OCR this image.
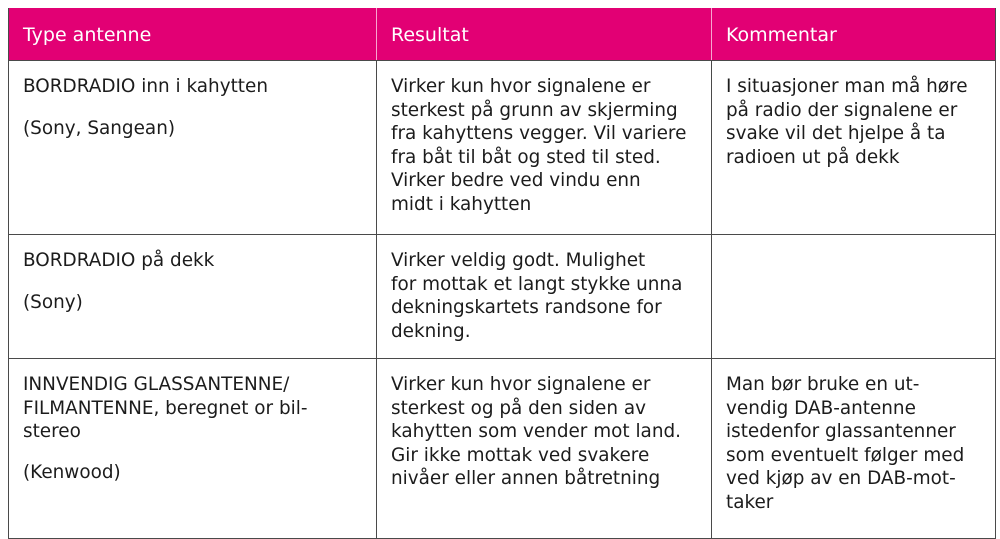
Type antenne	Resultat	Kommentar
BORDRADIO inn i kahytten
(Sony, Sangean)
Virker kun hvor signalene er
sterkest på grunn av skjerming
fra kahyttens vegger. Vil variere
fra båt til båt og sted til sted.
Virker bedre ved vindu enn
midt i kahytten
I situasjoner man må høre
på radio der signalene er
svake vil det hjelpe å ta
radioen ut på dekk
BORDRADIO på dekk
(Sony)
Virker veldig godt. Mulighet
for mottak et langt stykke unna
dekningskartets randsone for
dekning.
INNVENDIG GLASSANTENNE/
FILMANTENNE, beregnet or bil-
stereo
(Kenwood)
Virker kun hvor signalene er
sterkest og på den siden av
kahytten som vender mot land.
Gir ikke mottak ved svakere
nivåer eller annen båtretning
Man bør bruke en ut-
vendig DAB-antenne
istedenfor glassantenner
som eventuelt følger med
ved kjøp av en DAB-mot-
taker
